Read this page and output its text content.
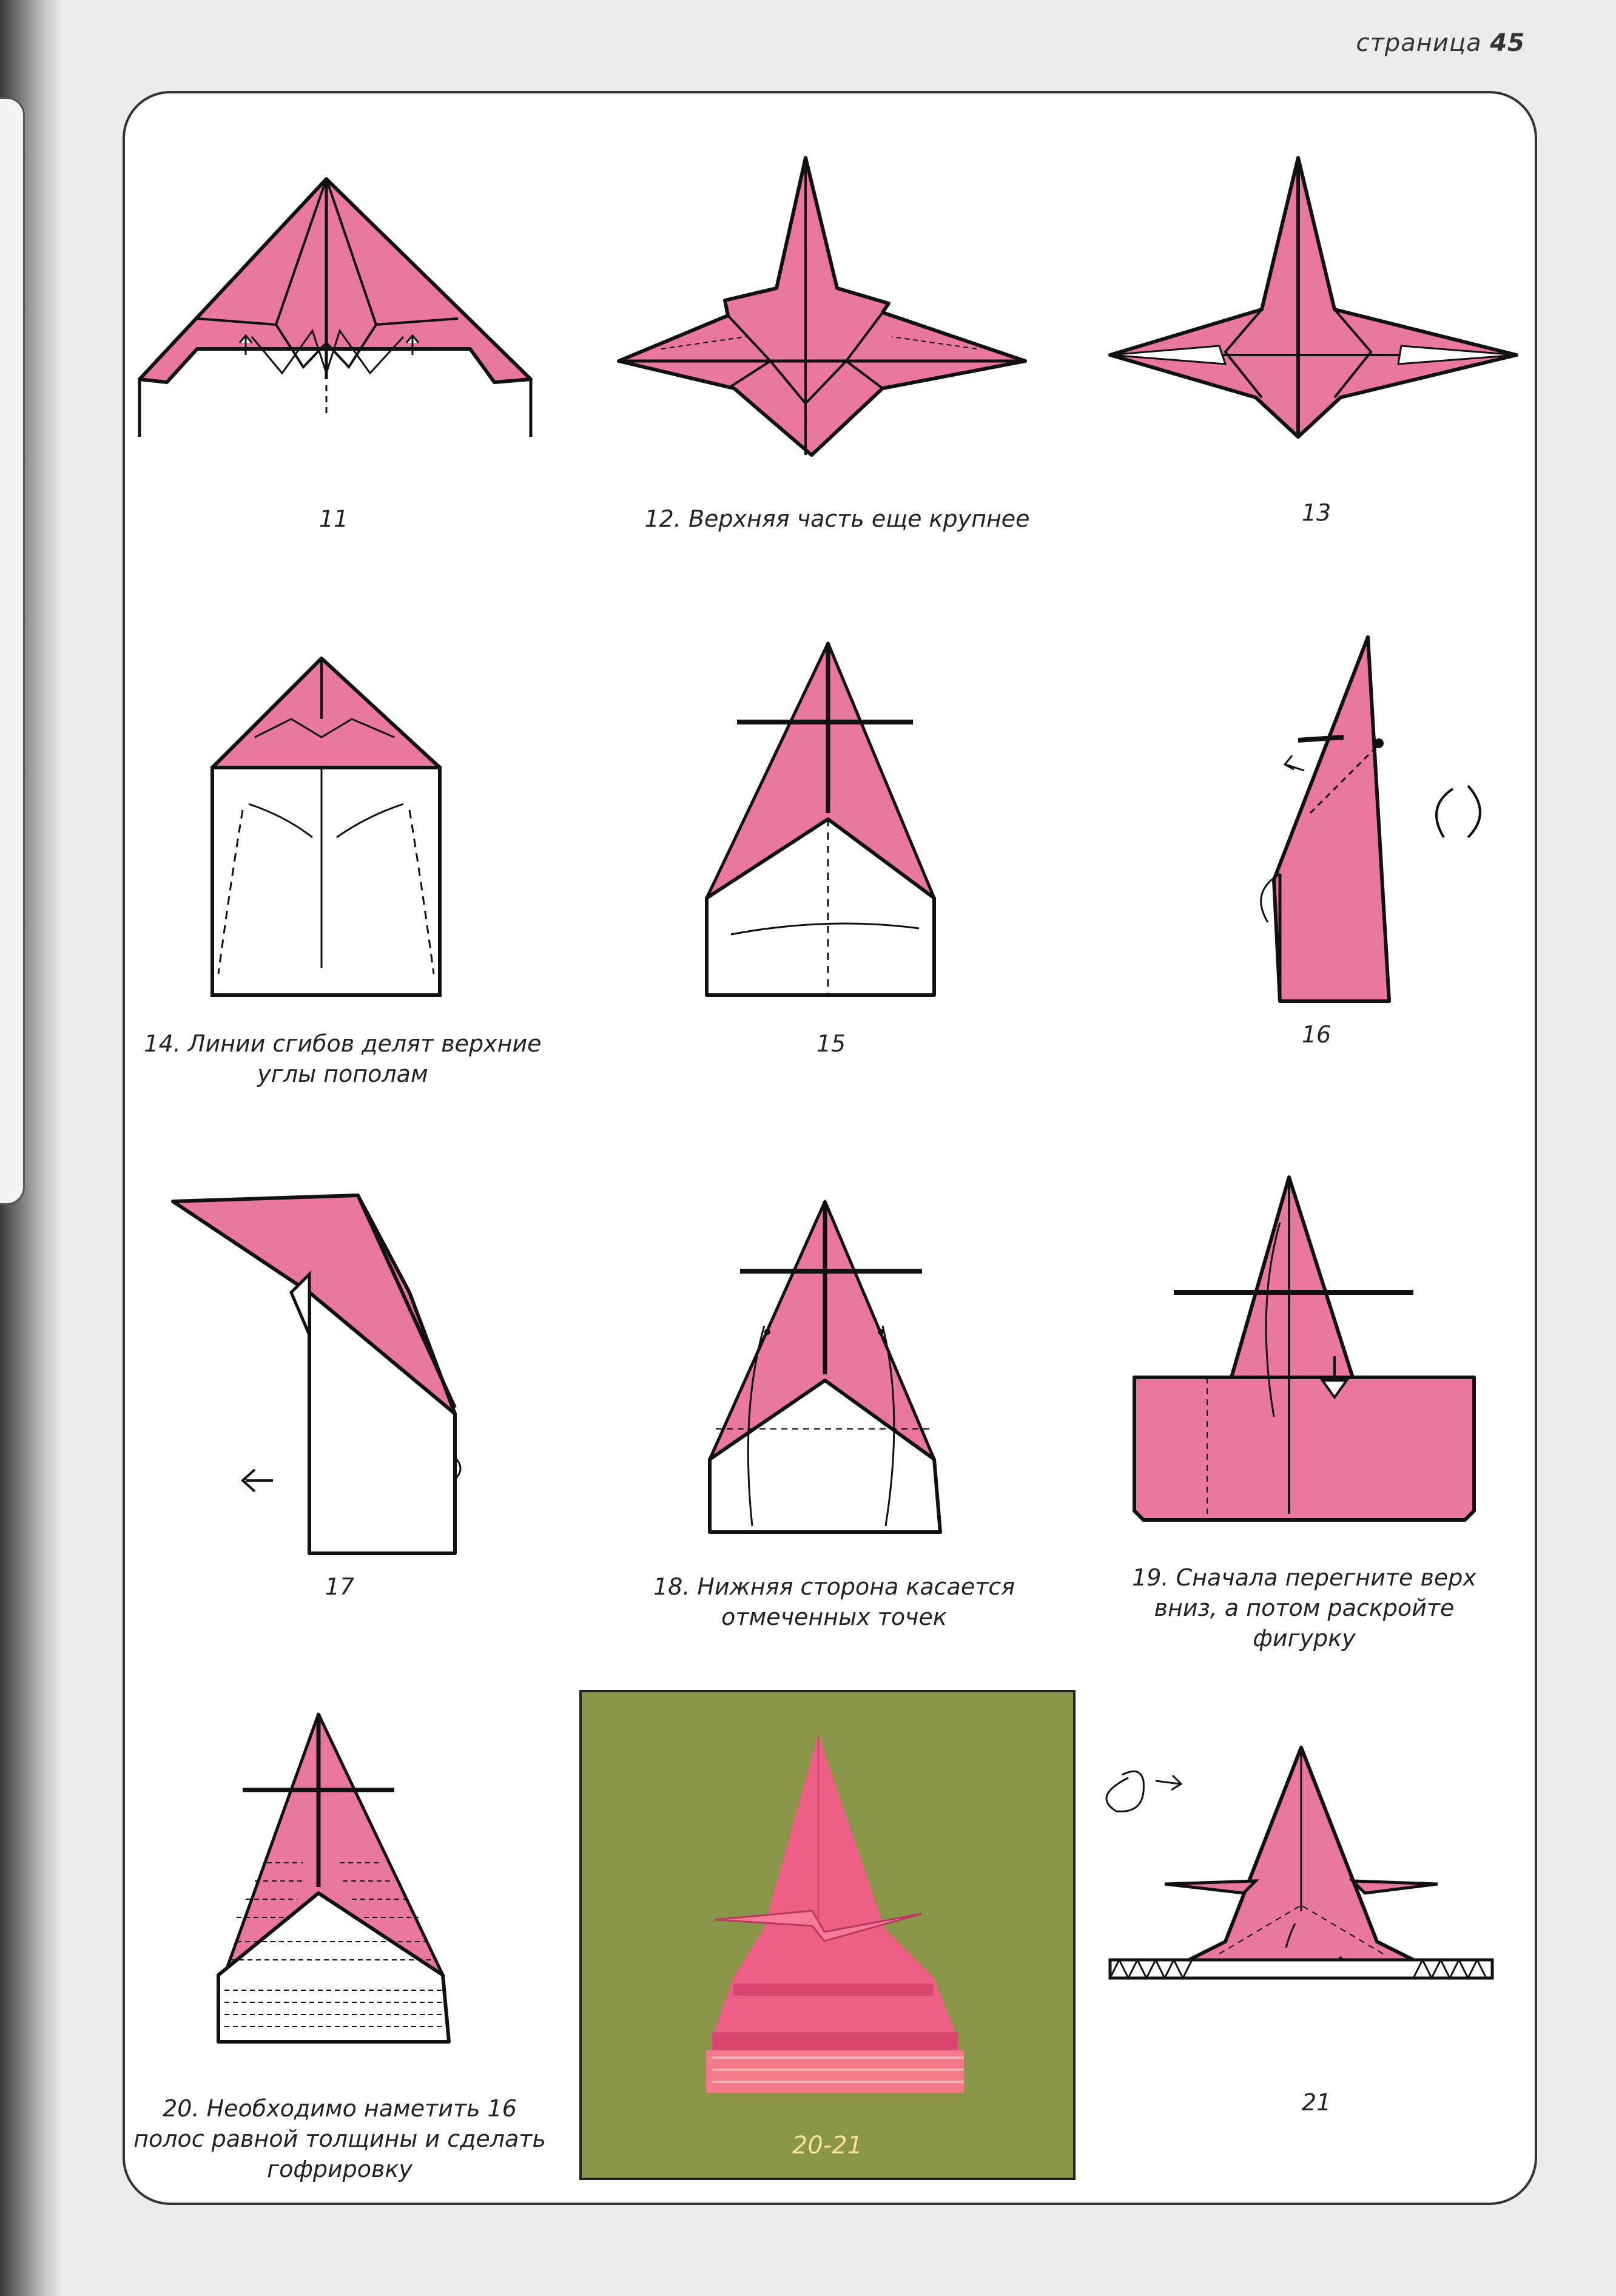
страница 45
11	12. Верхняя часть еще крупнее	13
14. Линии сгибов делят верхние углы пополам
15	16
17	18. Нижняя сторона касается отмеченных точек
19. Сначала перегните верх вниз, а потом раскройте фигурку
20. Необходимо наметить 16 полос равной толщины и сделать гофрировку
20-21
21
